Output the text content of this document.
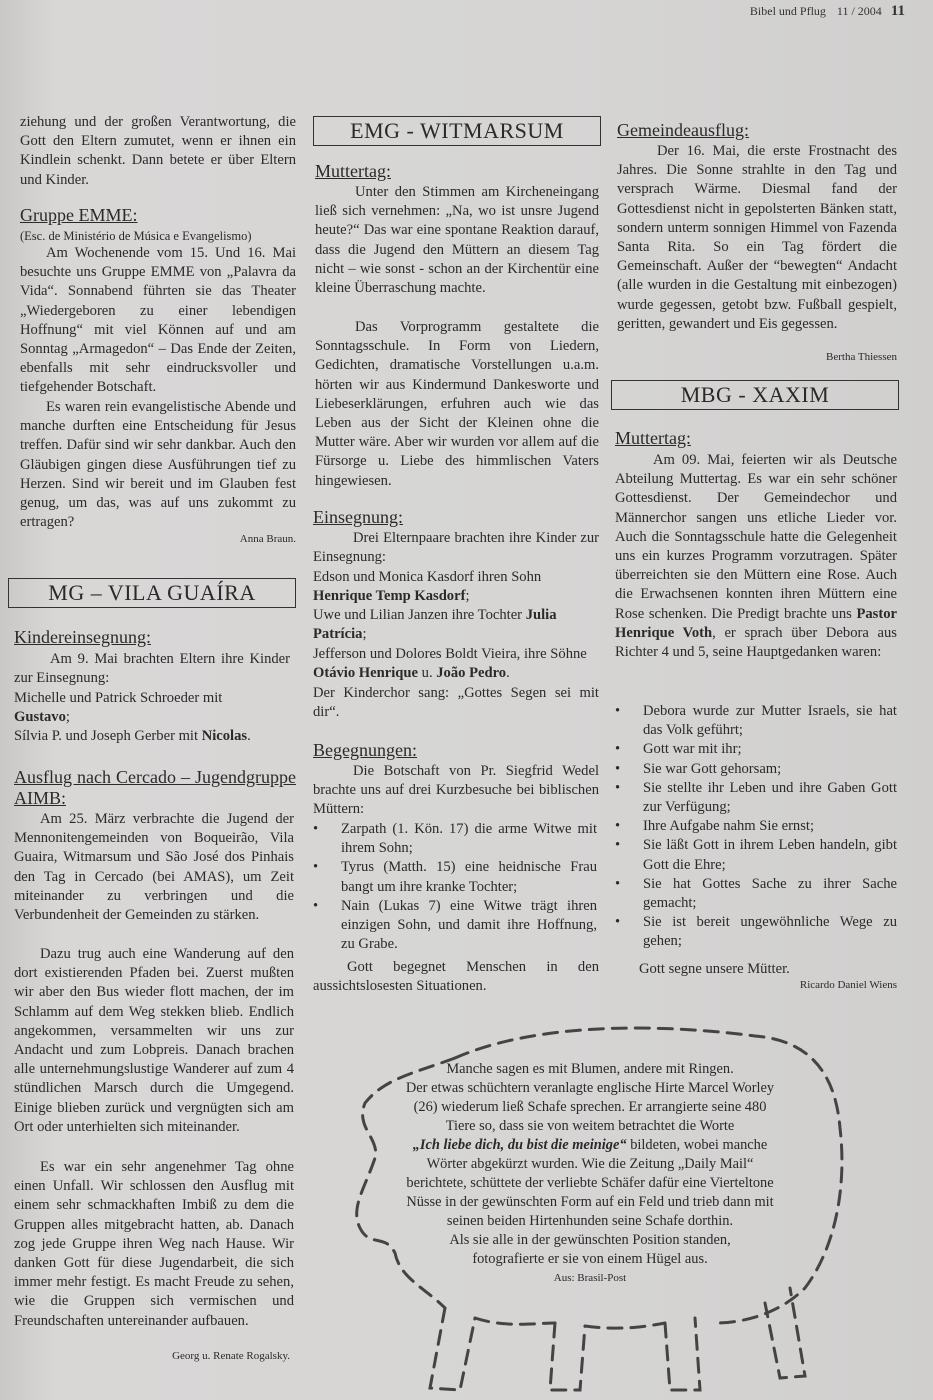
Bibel und Pflug 11 / 2004 11

ziehung und der großen Verantwortung, die Gott den Eltern zumutet, wenn er ihnen ein Kindlein schenkt. Dann betete er über Eltern und Kinder.

Gruppe EMME:

(Esc. de Ministério de Música e Evangelismo)

Am Wochenende vom 15. Und 16. Mai besuchte uns Gruppe EMME von „Palavra da Vida“. Sonnabend führten sie das Theater „Wiedergeboren zu einer lebendigen Hoffnung“ mit viel Können auf und am Sonntag „Armagedon“ – Das Ende der Zeiten, ebenfalls mit sehr eindrucksvoller und tiefgehender Botschaft.

Es waren rein evangelistische Abende und manche durften eine Entscheidung für Jesus treffen. Dafür sind wir sehr dankbar. Auch den Gläubigen gingen diese Ausführungen tief zu Herzen. Sind wir bereit und im Glauben fest genug, um das, was auf uns zukommt zu ertragen?

Anna Braun.

MG – VILA GUAÍRA
Kindereinsegnung:

Am 9. Mai brachten Eltern ihre Kinder zur Einsegnung:

Michelle und Patrick Schroeder mit
Gustavo;

Sílvia P. und Joseph Gerber mit Nicolas.

Ausflug nach Cercado – Jugendgruppe AIMB:

Am 25. März verbrachte die Jugend der Mennonitengemeinden von Boqueirão, Vila Guaira, Witmarsum und São José dos Pinhais den Tag in Cercado (bei AMAS), um Zeit miteinander zu verbringen und die Verbundenheit der Gemeinden zu stärken.

Dazu trug auch eine Wanderung auf den dort existierenden Pfaden bei. Zuerst mußten wir aber den Bus wieder flott machen, der im Schlamm auf dem Weg stekken blieb. Endlich angekommen, versammelten wir uns zur Andacht und zum Lobpreis. Danach brachen alle unternehmungslustige Wanderer auf zum 4 stündlichen Marsch durch die Umgegend. Einige blieben zurück und vergnügten sich am Ort oder unterhielten sich miteinander.

Es war ein sehr angenehmer Tag ohne einen Unfall. Wir schlossen den Ausflug mit einem sehr schmackhaften Imbiß zu dem die Gruppen alles mitgebracht hatten, ab. Danach zog jede Gruppe ihren Weg nach Hause. Wir danken Gott für diese Jugendarbeit, die sich immer mehr festigt. Es macht Freude zu sehen, wie die Gruppen sich vermischen und Freundschaften untereinander aufbauen.

Georg u. Renate Rogalsky.

EMG - WITMARSUM
Muttertag:

Unter den Stimmen am Kircheneingang ließ sich vernehmen: „Na, wo ist unsre Jugend heute?“ Das war eine spontane Reaktion darauf, dass die Jugend den Müttern an diesem Tag nicht – wie sonst - schon an der Kirchentür eine kleine Überraschung machte.

Das Vorprogramm gestaltete die Sonntagsschule. In Form von Liedern, Gedichten, dramatische Vorstellungen u.a.m. hörten wir aus Kindermund Dankesworte und Liebeserklärungen, erfuhren auch wie das Leben aus der Sicht der Kleinen ohne die Mutter wäre. Aber wir wurden vor allem auf die Fürsorge u. Liebe des himmlischen Vaters hingewiesen.

Einsegnung:

Drei Elternpaare brachten ihre Kinder zur Einsegnung:

Edson und Monica Kasdorf ihren Sohn
Henrique Temp Kasdorf;

Uwe und Lilian Janzen ihre Tochter Julia Patrícia;

Jefferson und Dolores Boldt Vieira, ihre Söhne Otávio Henrique u. João Pedro.

Der Kinderchor sang: „Gottes Segen sei mit dir“.

Begegnungen:

Die Botschaft von Pr. Siegfrid Wedel brachte uns auf drei Kurzbesuche bei biblischen Müttern:

• Zarpath (1. Kön. 17) die arme Witwe mit ihrem Sohn;
• Tyrus (Matth. 15) eine heidnische Frau bangt um ihre kranke Tochter;
• Nain (Lukas 7) eine Witwe trägt ihren einzigen Sohn, und damit ihre Hoffnung, zu Grabe.

Gott begegnet Menschen in den aussichtslosesten Situationen.

Gemeindeausflug:

Der 16. Mai, die erste Frostnacht des Jahres. Die Sonne strahlte in den Tag und versprach Wärme. Diesmal fand der Gottesdienst nicht in gepolsterten Bänken statt, sondern unterm sonnigen Himmel von Fazenda Santa Rita. So ein Tag fördert die Gemeinschaft. Außer der “bewegten“ Andacht (alle wurden in die Gestaltung mit einbezogen) wurde gegessen, getobt bzw. Fußball gespielt, geritten, gewandert und Eis gegessen.

Bertha Thiessen

MBG - XAXIM
Muttertag:

Am 09. Mai, feierten wir als Deutsche Abteilung Muttertag. Es war ein sehr schöner Gottesdienst. Der Gemeindechor und Männerchor sangen uns etliche Lieder vor. Auch die Sonntagsschule hatte die Gelegenheit uns ein kurzes Programm vorzutragen. Später überreichten sie den Müttern eine Rose. Auch die Erwachsenen konnten ihren Müttern eine Rose schenken. Die Predigt brachte uns Pastor Henrique Voth, er sprach über Debora aus Richter 4 und 5, seine Hauptgedanken waren:

• Debora wurde zur Mutter Israels, sie hat das Volk geführt;
• Gott war mit ihr;
• Sie war Gott gehorsam;
• Sie stellte ihr Leben und ihre Gaben Gott zur Verfügung;
• Ihre Aufgabe nahm Sie ernst;
• Sie läßt Gott in ihrem Leben handeln, gibt Gott die Ehre;
• Sie hat Gottes Sache zu ihrer Sache gemacht;
• Sie ist bereit ungewöhnliche Wege zu gehen;

Gott segne unsere Mütter.

Ricardo Daniel Wiens

Manche sagen es mit Blumen, andere mit Ringen.
Der etwas schüchtern veranlagte englische Hirte Marcel Worley
(26) wiederum ließ Schafe sprechen. Er arrangierte seine 480
Tiere so, dass sie von weitem betrachtet die Worte
„Ich liebe dich, du bist die meinige“ bildeten, wobei manche
Wörter abgekürzt wurden. Wie die Zeitung „Daily Mail“
berichtete, schüttete der verliebte Schäfer dafür eine Vierteltone
Nüsse in der gewünschten Form auf ein Feld und trieb dann mit
seinen beiden Hirtenhunden seine Schafe dorthin.
Als sie alle in der gewünschten Position standen,
fotografierte er sie von einem Hügel aus.
Aus: Brasil-Post
